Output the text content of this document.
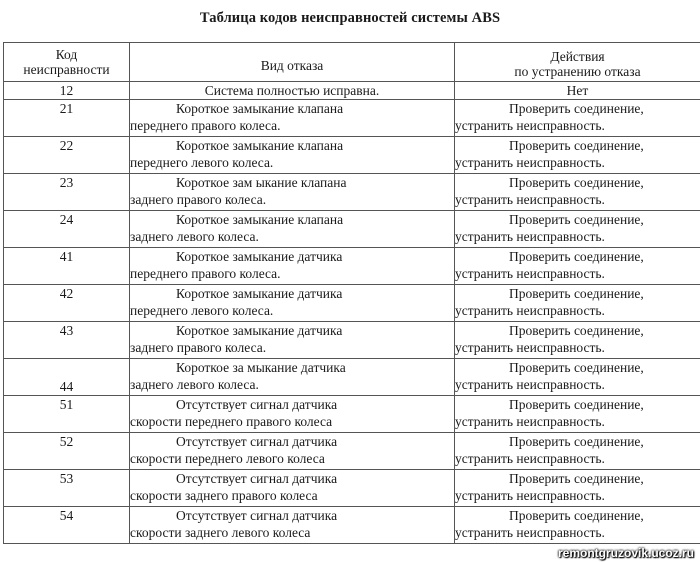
Таблица кодов неисправностей системы ABS
Код
неисправности	Вид отказа	Действия
по устранению отказа

12	Система полностью исправна.	Нет
21	Короткое замыкание клапана
переднего правого колеса.	Проверить соединение,
устранить неисправность.

22	Короткое замыкание клапана
переднего левого колеса.	Проверить соединение,
устранить неисправность.

23	Короткое зам ыкание клапана
заднего правого колеса.	Проверить соединение,
устранить неисправность.

24	Короткое замыкание клапана
заднего левого колеса.	Проверить соединение,
устранить неисправность.

41	Короткое замыкание датчика
переднего правого колеса.	Проверить соединение,
устранить неисправность.

42	Короткое замыкание датчика
переднего левого колеса.	Проверить соединение,
устранить неисправность.

43	Короткое замыкание датчика
заднего правого колеса.	Проверить соединение,
устранить неисправность.

44	Короткое за мыкание датчика
заднего левого колеса.	Проверить соединение,
устранить неисправность.

51	Отсутствует сигнал датчика
скорости переднего правого колеса	Проверить соединение,
устранить неисправность.

52	Отсутствует сигнал датчика
скорости переднего левого колеса	Проверить соединение,
устранить неисправность.

53	Отсутствует сигнал датчика
скорости заднего правого колеса	Проверить соединение,
устранить неисправность.

54	Отсутствует сигнал датчика
скорости заднего левого колеса	Проверить соединение,
устранить неисправность.
remontgruzovik.ucoz.ru
